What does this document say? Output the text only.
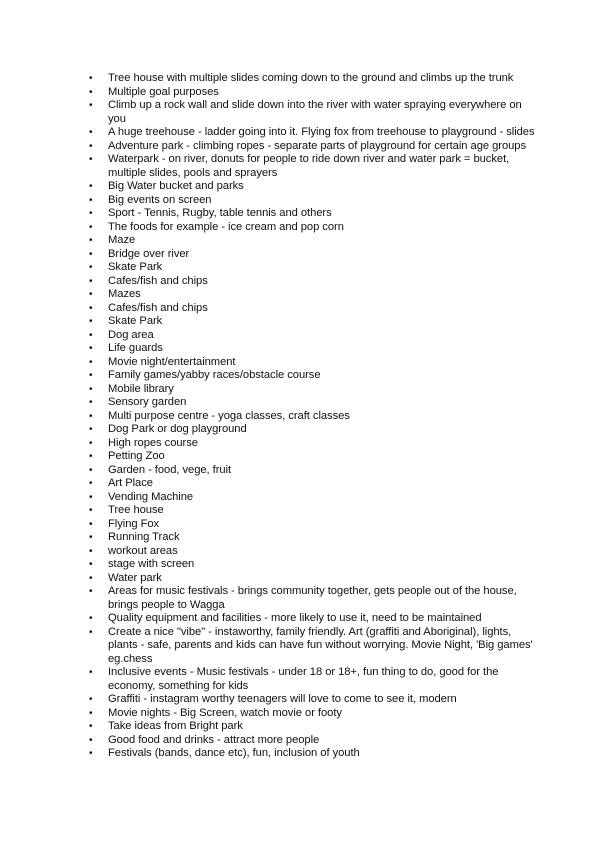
• Tree house with multiple slides coming down to the ground and climbs up the trunk
• Multiple goal purposes
• Climb up a rock wall and slide down into the river with water spraying everywhere on you
• A huge treehouse - ladder going into it. Flying fox from treehouse to playground - slides
• Adventure park - climbing ropes - separate parts of playground for certain age groups
• Waterpark - on river, donuts for people to ride down river and water park = bucket, multiple slides, pools and sprayers
• Big Water bucket and parks
• Big events on screen
• Sport - Tennis, Rugby, table tennis and others
• The foods for example - ice cream and pop corn
• Maze
• Bridge over river
• Skate Park
• Cafes/fish and chips
• Mazes
• Cafes/fish and chips
• Skate Park
• Dog area
• Life guards
• Movie night/entertainment
• Family games/yabby races/obstacle course
• Mobile library
• Sensory garden
• Multi purpose centre - yoga classes, craft classes
• Dog Park or dog playground
• High ropes course
• Petting Zoo
• Garden - food, vege, fruit
• Art Place
• Vending Machine
• Tree house
• Flying Fox
• Running Track
• workout areas
• stage with screen
• Water park
• Areas for music festivals - brings community together, gets people out of the house, brings people to Wagga
• Quality equipment and facilities - more likely to use it, need to be maintained
• Create a nice "vibe" - instaworthy, family friendly. Art (graffiti and Aboriginal), lights, plants - safe, parents and kids can have fun without worrying. Movie Night, 'Big games' eg.chess
• Inclusive events - Music festivals - under 18 or 18+, fun thing to do, good for the economy, something for kids
• Graffiti - instagram worthy teenagers will love to come to see it, modern
• Movie nights - Big Screen, watch movie or footy
• Take ideas from Bright park
• Good food and drinks - attract more people
• Festivals (bands, dance etc), fun, inclusion of youth
